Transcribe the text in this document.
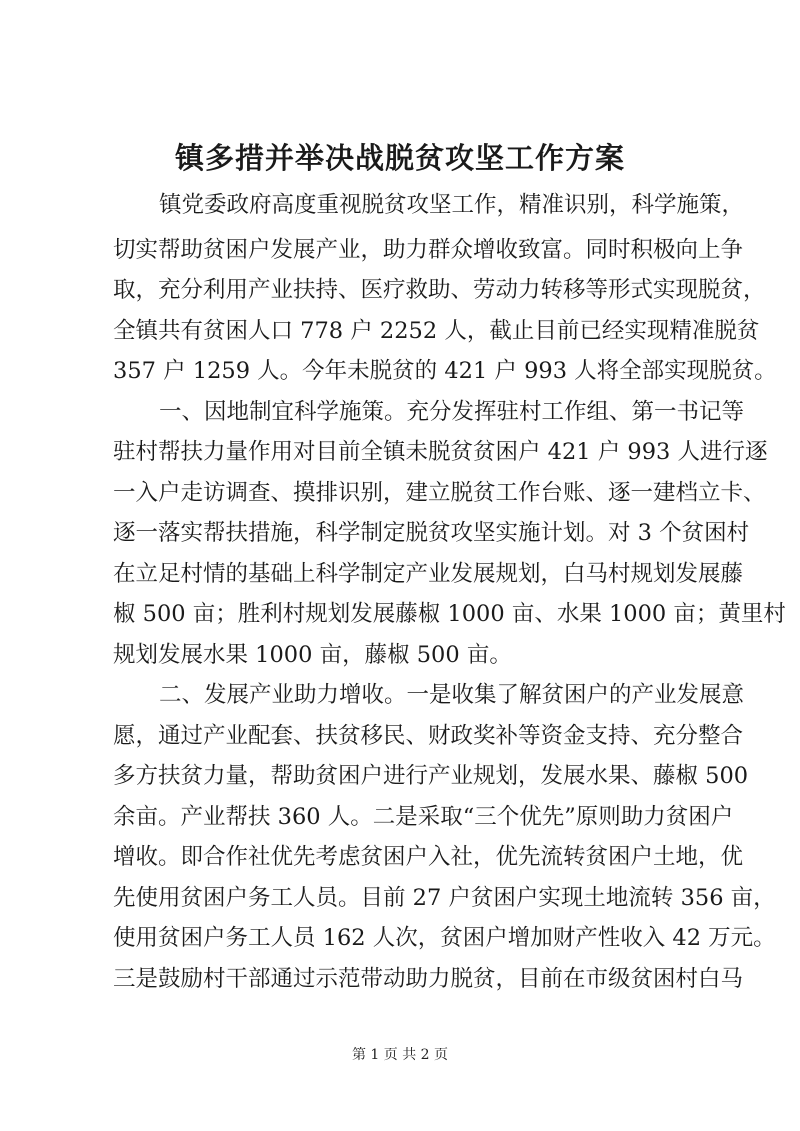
镇多措并举决战脱贫攻坚工作方案
镇党委政府高度重视脱贫攻坚工作，精准识别，科学施策，
切实帮助贫困户发展产业，助力群众增收致富。同时积极向上争
取，充分利用产业扶持、医疗救助、劳动力转移等形式实现脱贫，
全镇共有贫困人口 778 户 2252 人，截止目前已经实现精准脱贫
357 户 1259 人。今年未脱贫的 421 户 993 人将全部实现脱贫。
一、因地制宜科学施策。充分发挥驻村工作组、第一书记等
驻村帮扶力量作用对目前全镇未脱贫贫困户 421 户 993 人进行逐
一入户走访调查、摸排识别，建立脱贫工作台账、逐一建档立卡、
逐一落实帮扶措施，科学制定脱贫攻坚实施计划。对 3 个贫困村
在立足村情的基础上科学制定产业发展规划，白马村规划发展藤
椒 500 亩；胜利村规划发展藤椒 1000 亩、水果 1000 亩；黄里村
规划发展水果 1000 亩，藤椒 500 亩。
二、发展产业助力增收。一是收集了解贫困户的产业发展意
愿，通过产业配套、扶贫移民、财政奖补等资金支持、充分整合
多方扶贫力量，帮助贫困户进行产业规划，发展水果、藤椒 500
余亩。产业帮扶 360 人。二是采取“三个优先”原则助力贫困户
增收。即合作社优先考虑贫困户入社，优先流转贫困户土地，优
先使用贫困户务工人员。目前 27 户贫困户实现土地流转 356 亩，
使用贫困户务工人员 162 人次，贫困户增加财产性收入 42 万元。
三是鼓励村干部通过示范带动助力脱贫，目前在市级贫困村白马
第 1 页 共 2 页
